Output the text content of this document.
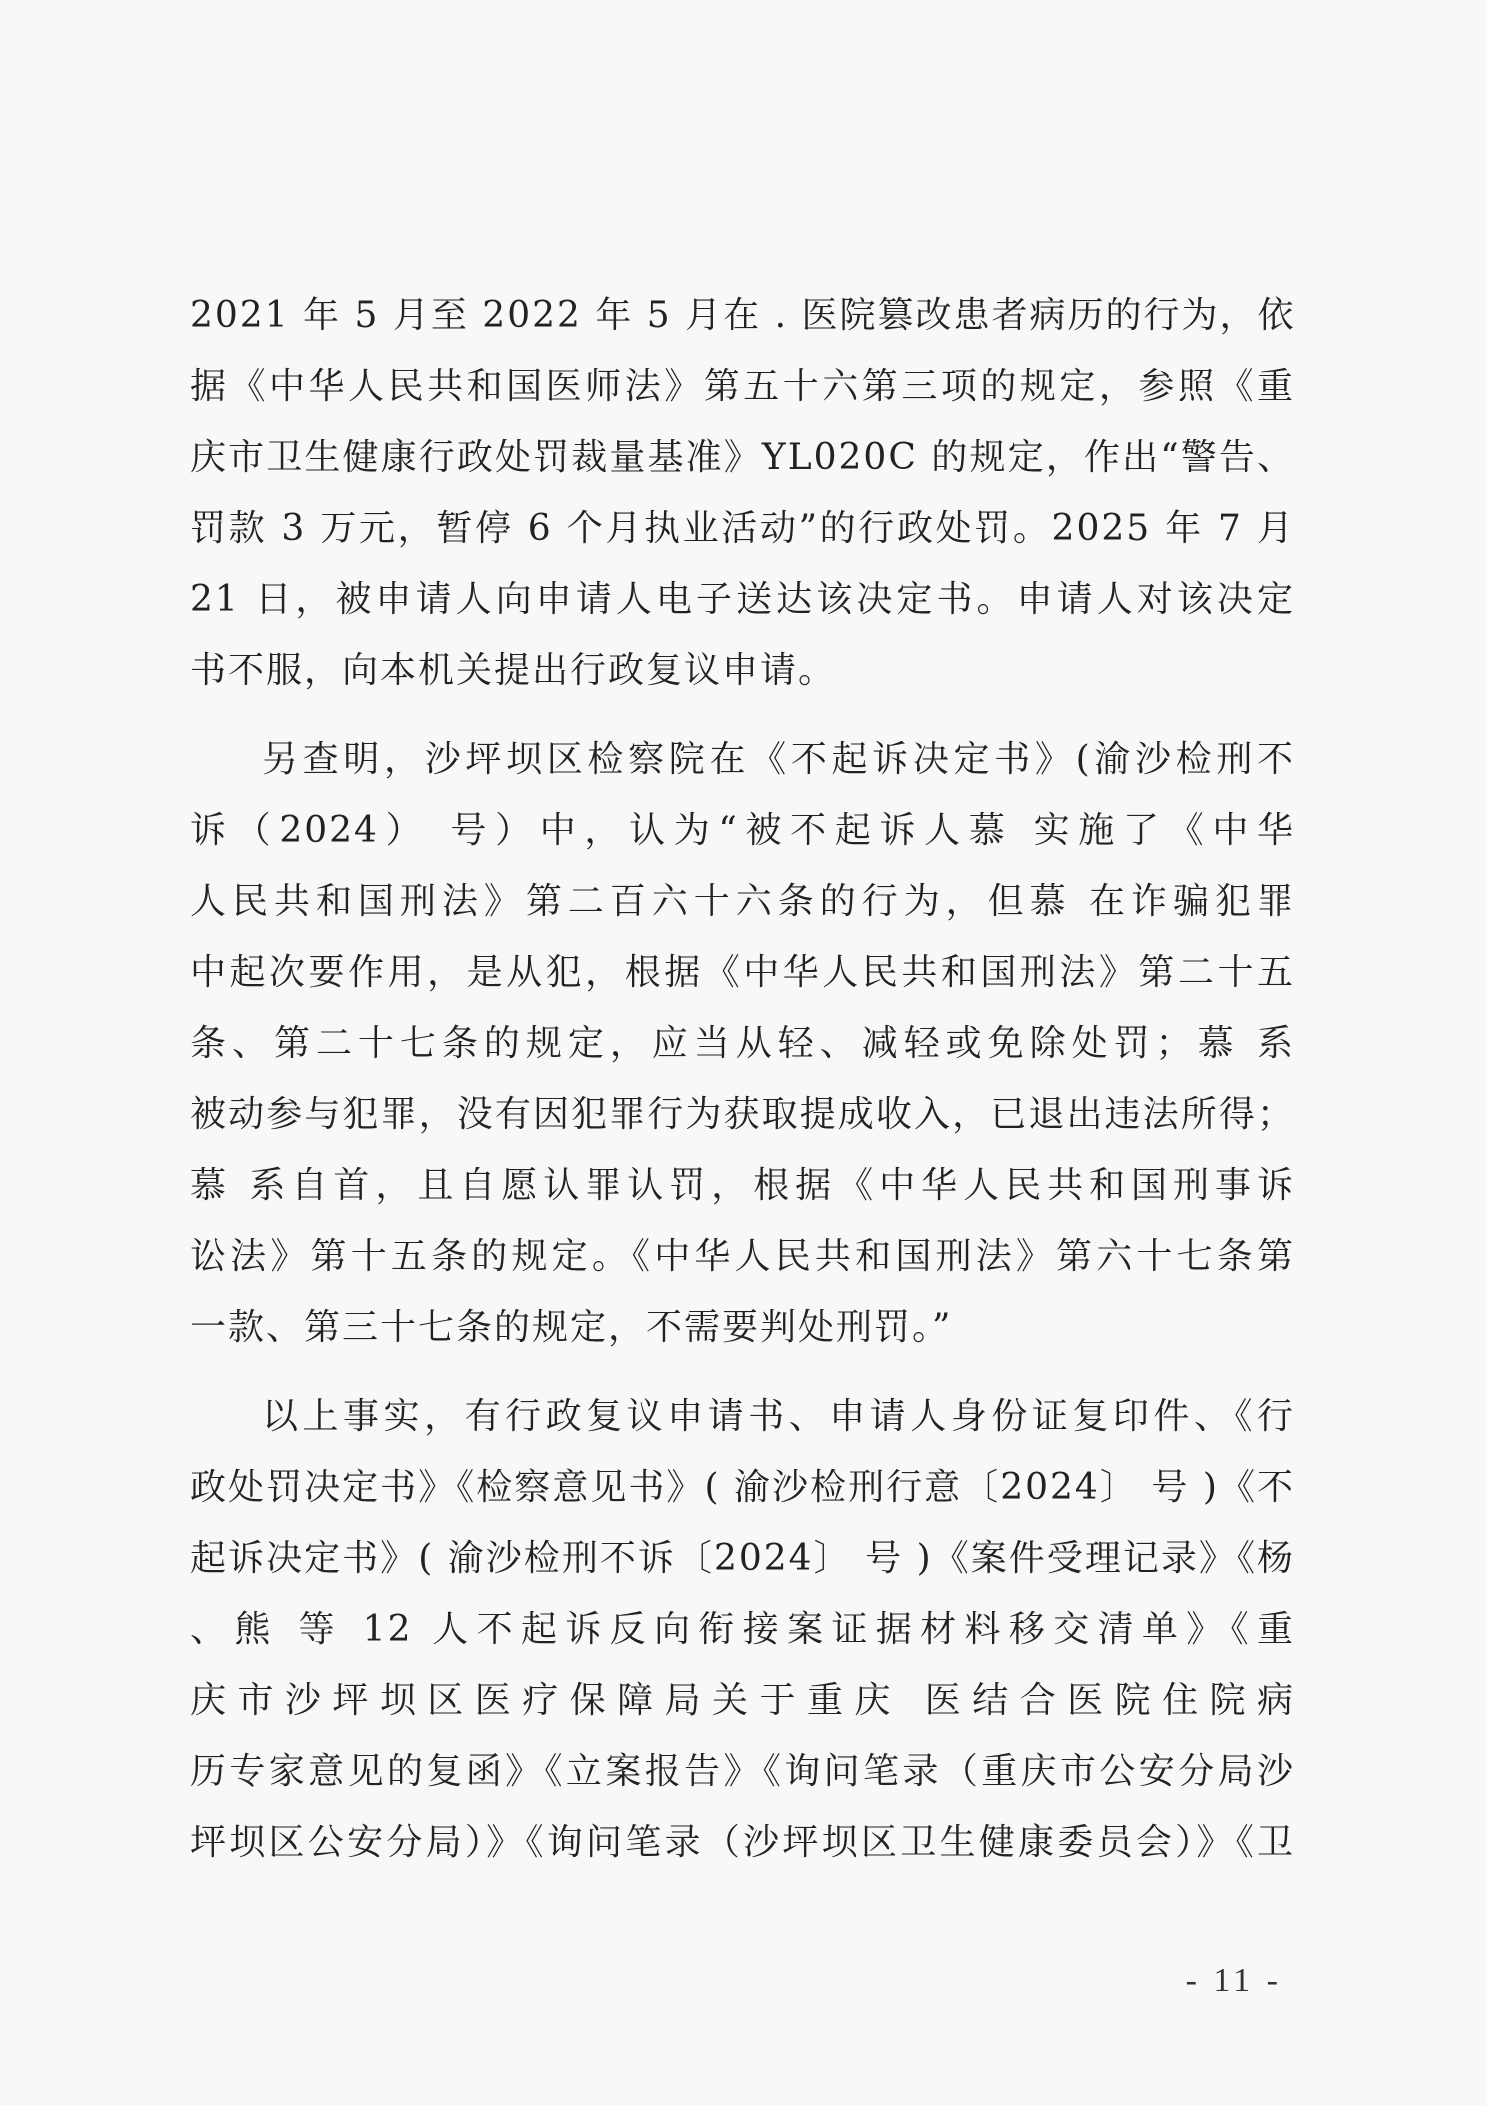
2021 年 5 月至 2022 年 5 月在 . 医院篡改患者病历的行为，依
据《中华人民共和国医师法》第五十六第三项的规定，参照《重
庆市卫生健康行政处罚裁量基准》YL020C 的规定，作出“警告、
罚款 3 万元，暂停 6 个月执业活动”的行政处罚。2025 年 7 月
21 日，被申请人向申请人电子送达该决定书。申请人对该决定
书不服，向本机关提出行政复议申请。
另查明，沙坪坝区检察院在《不起诉决定书》(渝沙检刑不
诉（2024） 号）中，认为“被不起诉人慕 实施了《中华
人民共和国刑法》第二百六十六条的行为，但慕 在诈骗犯罪
中起次要作用，是从犯，根据《中华人民共和国刑法》第二十五
条、第二十七条的规定，应当从轻、减轻或免除处罚；慕 系
被动参与犯罪，没有因犯罪行为获取提成收入，已退出违法所得；
慕 系自首，且自愿认罪认罚，根据《中华人民共和国刑事诉
讼法》第十五条的规定。《中华人民共和国刑法》第六十七条第
一款、第三十七条的规定，不需要判处刑罚。”
以上事实，有行政复议申请书、申请人身份证复印件、《行
政处罚决定书》《检察意见书》( 渝沙检刑行意〔2024〕 号 )《不
起诉决定书》( 渝沙检刑不诉〔2024〕 号 )《案件受理记录》《杨
、熊 等 12 人不起诉反向衔接案证据材料移交清单》《重
庆市沙坪坝区医疗保障局关于重庆 医结合医院住院病
历专家意见的复函》《立案报告》《询问笔录（重庆市公安分局沙
坪坝区公安分局）》《询问笔录（沙坪坝区卫生健康委员会）》《卫
- 11 -
